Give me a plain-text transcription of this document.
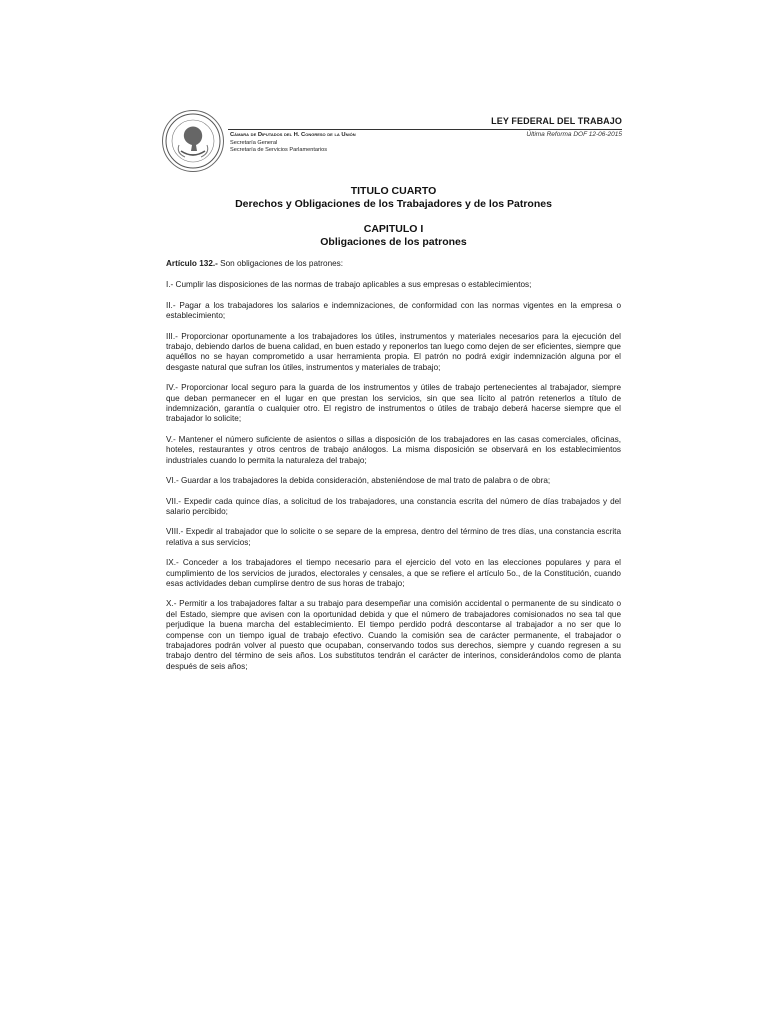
LEY FEDERAL DEL TRABAJO
Última Reforma DOF 12-06-2015
Cámara de Diputados del H. Congreso de la Unión
Secretaría General
Secretaría de Servicios Parlamentarios
TITULO CUARTO
Derechos y Obligaciones de los Trabajadores y de los Patrones
CAPITULO I
Obligaciones de los patrones

Artículo 132.- Son obligaciones de los patrones:

I.- Cumplir las disposiciones de las normas de trabajo aplicables a sus empresas o establecimientos;

II.- Pagar a los trabajadores los salarios e indemnizaciones, de conformidad con las normas vigentes en la empresa o establecimiento;

III.- Proporcionar oportunamente a los trabajadores los útiles, instrumentos y materiales necesarios para la ejecución del trabajo, debiendo darlos de buena calidad, en buen estado y reponerlos tan luego como dejen de ser eficientes, siempre que aquéllos no se hayan comprometido a usar herramienta propia. El patrón no podrá exigir indemnización alguna por el desgaste natural que sufran los útiles, instrumentos y materiales de trabajo;

IV.- Proporcionar local seguro para la guarda de los instrumentos y útiles de trabajo pertenecientes al trabajador, siempre que deban permanecer en el lugar en que prestan los servicios, sin que sea lícito al patrón retenerlos a título de indemnización, garantía o cualquier otro. El registro de instrumentos o útiles de trabajo deberá hacerse siempre que el trabajador lo solicite;

V.- Mantener el número suficiente de asientos o sillas a disposición de los trabajadores en las casas comerciales, oficinas, hoteles, restaurantes y otros centros de trabajo análogos. La misma disposición se observará en los establecimientos industriales cuando lo permita la naturaleza del trabajo;

VI.- Guardar a los trabajadores la debida consideración, absteniéndose de mal trato de palabra o de obra;

VII.- Expedir cada quince días, a solicitud de los trabajadores, una constancia escrita del número de días trabajados y del salario percibido;

VIII.- Expedir al trabajador que lo solicite o se separe de la empresa, dentro del término de tres días, una constancia escrita relativa a sus servicios;

IX.- Conceder a los trabajadores el tiempo necesario para el ejercicio del voto en las elecciones populares y para el cumplimiento de los servicios de jurados, electorales y censales, a que se refiere el artículo 5o., de la Constitución, cuando esas actividades deban cumplirse dentro de sus horas de trabajo;

X.- Permitir a los trabajadores faltar a su trabajo para desempeñar una comisión accidental o permanente de su sindicato o del Estado, siempre que avisen con la oportunidad debida y que el número de trabajadores comisionados no sea tal que perjudique la buena marcha del establecimiento. El tiempo perdido podrá descontarse al trabajador a no ser que lo compense con un tiempo igual de trabajo efectivo. Cuando la comisión sea de carácter permanente, el trabajador o trabajadores podrán volver al puesto que ocupaban, conservando todos sus derechos, siempre y cuando regresen a su trabajo dentro del término de seis años. Los substitutos tendrán el carácter de interinos, considerándolos como de planta después de seis años;
